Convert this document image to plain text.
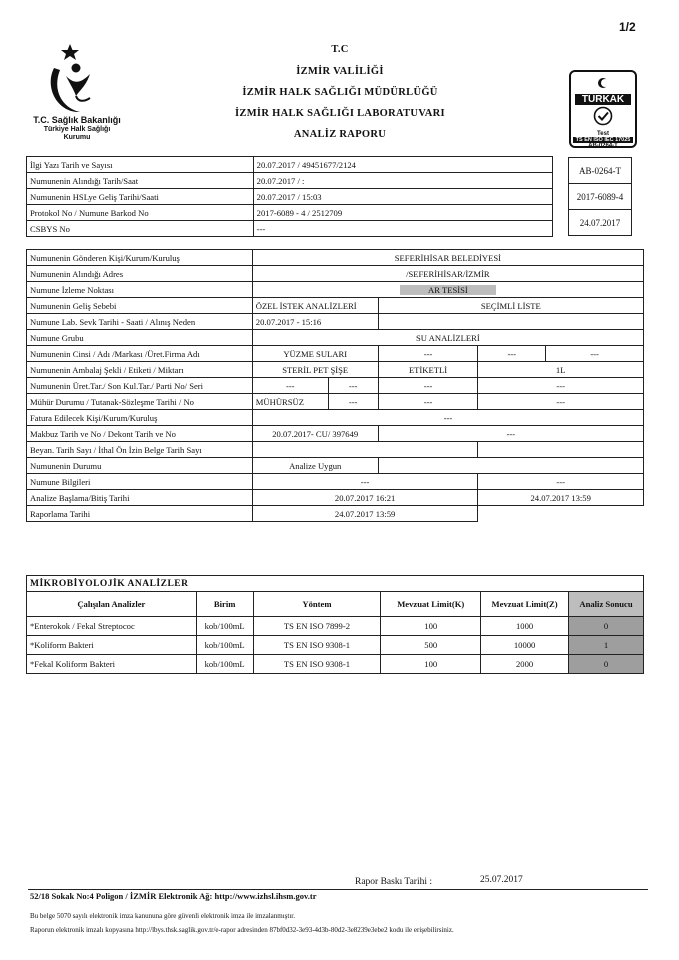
1/2
T.C. Sağlık Bakanlığı
Türkiye Halk Sağlığı
Kurumu
T.C
İZMİR VALİLİĞİ
İZMİR HALK SAĞLIĞI MÜDÜRLÜĞÜ
İZMİR HALK SAĞLIĞI LABORATUVARI
ANALİZ RAPORU
TÜRKAK
Test
TS EN ISO IEC 17025
AB-0264-T
İlgi Yazı Tarih ve Sayısı	20.07.2017 / 49451677/2124
Numunenin Alındığı Tarih/Saat	20.07.2017 / :
Numunenin HSLye Geliş Tarihi/Saati	20.07.2017 / 15:03
Protokol No / Numune Barkod No	2017-6089 - 4 / 2512709
CSBYS No	---
AB-0264-T
2017-6089-4
24.07.2017
Numunenin Gönderen Kişi/Kurum/Kuruluş	SEFERİHİSAR BELEDİYESİ				
Numunenin Alındığı Adres	/SEFERİHİSAR/İZMİR				
Numune İzleme Noktası	AR TESİSİ				
Numunenin Geliş Sebebi	ÖZEL İSTEK ANALİZLERİ		SEÇİMLİ LİSTE		
Numune Lab. Sevk Tarihi - Saati / Alınış Neden	20.07.2017 - 15:16				
Numune Grubu	SU ANALİZLERİ				
Numunenin Cinsi / Adı /Markası /Üret.Firma Adı	YÜZME SULARI		---	---	---
Numunenin Ambalaj Şekli / Etiketi / Miktarı	STERİL PET ŞİŞE		ETİKETLİ	1L	
Numunenin Üret.Tar./ Son Kul.Tar./ Parti No/ Seri	---	---	---	---	
Mühür Durumu / Tutanak-Sözleşme Tarihi / No	MÜHÜRSÜZ	---	---	---	
Fatura Edilecek Kişi/Kurum/Kuruluş	---				
Makbuz Tarih ve No / Dekont Tarih ve No	20.07.2017- CU/ 397649		---		
Beyan. Tarih Sayı / İthal Ön İzin Belge Tarih Sayı					
Numunenin Durumu	Analize Uygun				
Numune Bilgileri	---			---	
Analize Başlama/Bitiş Tarihi	20.07.2017 16:21			24.07.2017 13:59	
Raporlama Tarihi	24.07.2017 13:59				
MİKROBİYOLOJİK ANALİZLER					
Çalışılan Analizler	Birim	Yöntem	Mevzuat Limit(K)	Mevzuat Limit(Z)	Analiz Sonucu
*Enterokok / Fekal Streptococ	kob/100mL	TS EN ISO 7899-2	100	1000	0
*Koliform Bakteri	kob/100mL	TS EN ISO 9308-1	500	10000	1
*Fekal Koliform Bakteri	kob/100mL	TS EN ISO 9308-1	100	2000	0
Rapor Baskı Tarihi :	25.07.2017
52/18 Sokak No:4 Poligon / İZMİR Elektronik Ağ: http://www.izhsl.ihsm.gov.tr
Bu belge 5070 sayılı elektronik imza kanununa göre güvenli elektronik imza ile imzalanmıştır.
Raporun elektronik imzalı kopyasına http://lbys.thsk.saglik.gov.tr/e-rapor adresinden 87bf0d32-3e93-4d3b-80d2-3e8239e3ebe2 kodu ile erişebilirsiniz.
